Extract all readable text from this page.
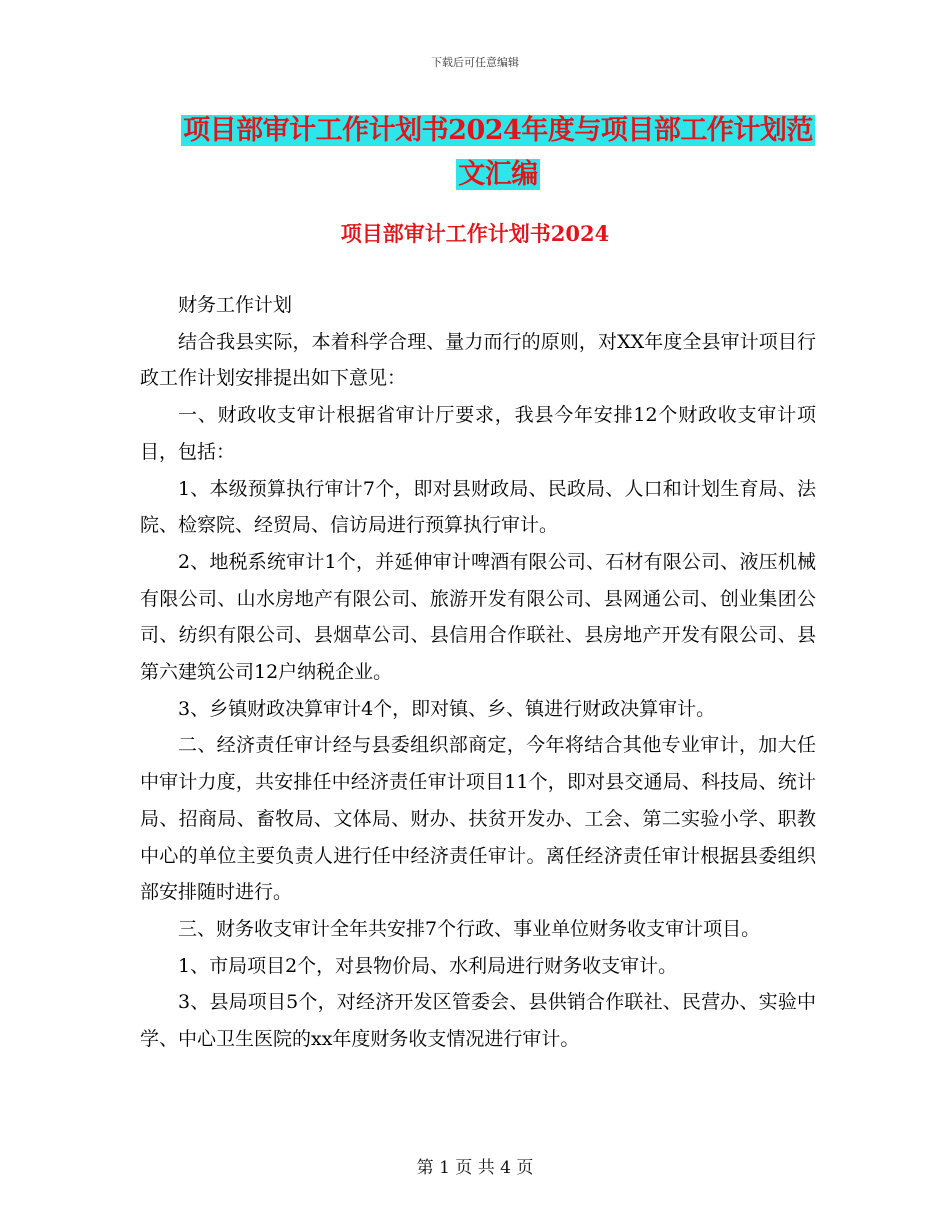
下载后可任意编辑
项目部审计工作计划书2024年度与项目部工作计划范
文汇编
项目部审计工作计划书2024

财务工作计划

结合我县实际，本着科学合理、量力而行的原则，对XX年度全县审计项目行政工作计划安排提出如下意见：

一、财政收支审计根据省审计厅要求，我县今年安排12个财政收支审计项目，包括：

1、本级预算执行审计7个，即对县财政局、民政局、人口和计划生育局、法院、检察院、经贸局、信访局进行预算执行审计。

2、地税系统审计1个，并延伸审计啤酒有限公司、石材有限公司、液压机械有限公司、山水房地产有限公司、旅游开发有限公司、县网通公司、创业集团公司、纺织有限公司、县烟草公司、县信用合作联社、县房地产开发有限公司、县第六建筑公司12户纳税企业。

3、乡镇财政决算审计4个，即对镇、乡、镇进行财政决算审计。

二、经济责任审计经与县委组织部商定，今年将结合其他专业审计，加大任中审计力度，共安排任中经济责任审计项目11个，即对县交通局、科技局、统计局、招商局、畜牧局、文体局、财办、扶贫开发办、工会、第二实验小学、职教中心的单位主要负责人进行任中经济责任审计。离任经济责任审计根据县委组织部安排随时进行。

三、财务收支审计全年共安排7个行政、事业单位财务收支审计项目。

1、市局项目2个，对县物价局、水利局进行财务收支审计。

3、县局项目5个，对经济开发区管委会、县供销合作联社、民营办、实验中学、中心卫生医院的xx年度财务收支情况进行审计。

第 1 页 共 4 页
